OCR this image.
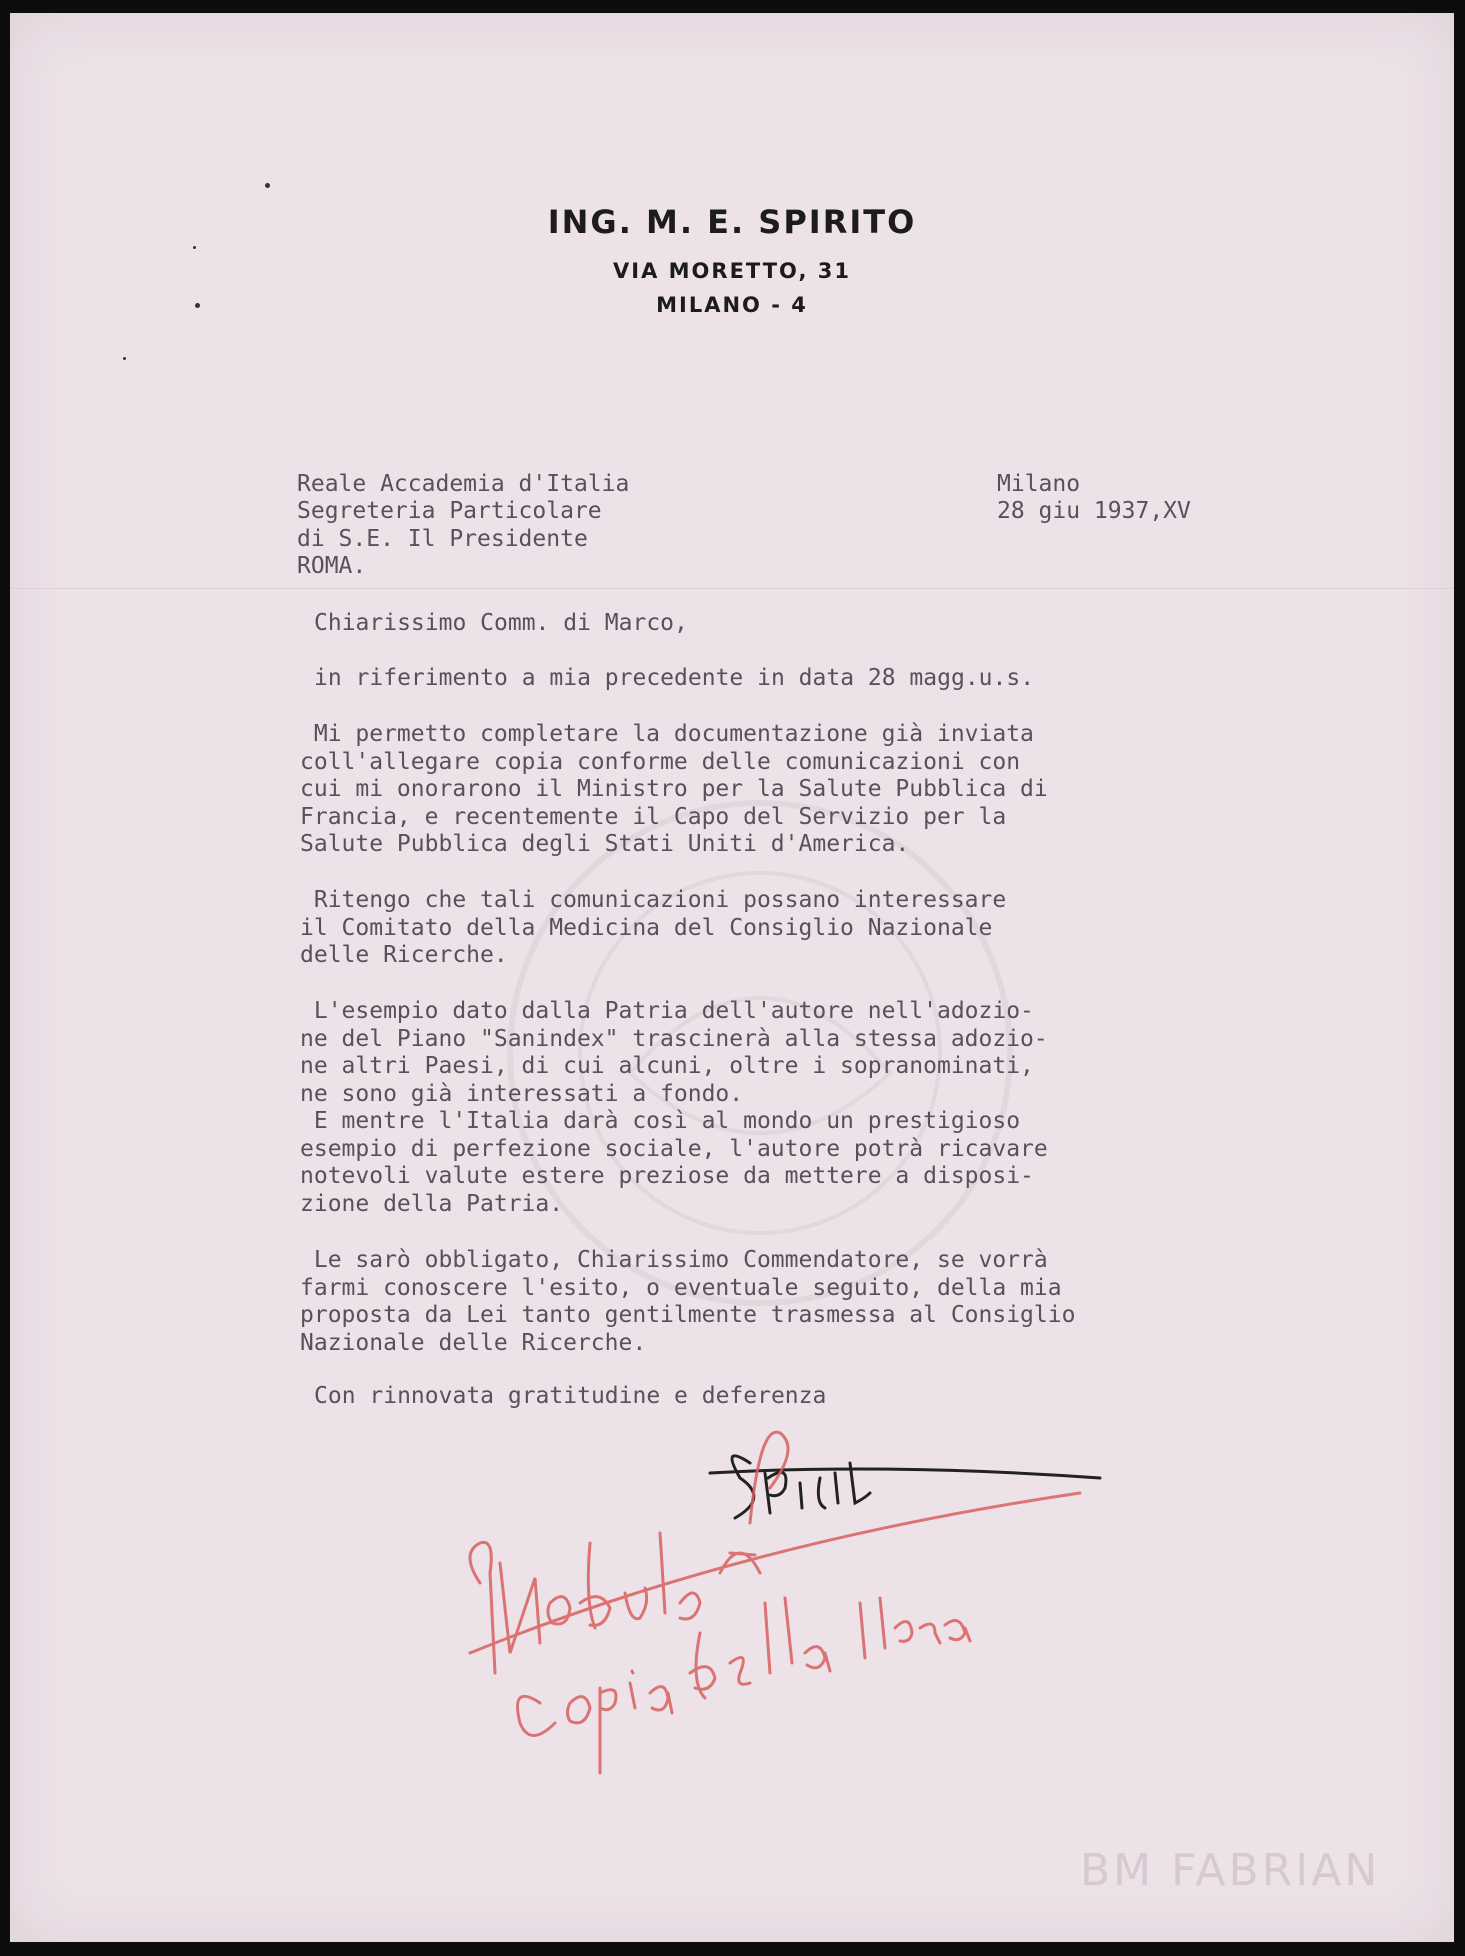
ING. M. E. SPIRITO
VIA MORETTO, 31
MILANO - 4

Reale Accademia d'Italia
Segreteria Particolare
di S.E. Il Presidente
ROMA.

Milano
28 giu 1937,XV
Chiarissimo Comm. di Marco,
in riferimento a mia precedente in data 28 magg.u.s.
Mi permetto completare la documentazione già inviata
coll'allegare copia conforme delle comunicazioni con
cui mi onorarono il Ministro per la Salute Pubblica di
Francia, e recentemente il Capo del Servizio per la
Salute Pubblica degli Stati Uniti d'America.
Ritengo che tali comunicazioni possano interessare
il Comitato della Medicina del Consiglio Nazionale
delle Ricerche.
L'esempio dato dalla Patria dell'autore nell'adozio-
ne del Piano "Sanindex" trascinerà alla stessa adozio-
ne altri Paesi, di cui alcuni, oltre i sopranominati,
ne sono già interessati a fondo.
E mentre l'Italia darà così al mondo un prestigioso
esempio di perfezione sociale, l'autore potrà ricavare
notevoli valute estere preziose da mettere a disposi-
zione della Patria.
Le sarò obbligato, Chiarissimo Commendatore, se vorrà
farmi conoscere l'esito, o eventuale seguito, della mia
proposta da Lei tanto gentilmente trasmessa al Consiglio
Nazionale delle Ricerche.
Con rinnovata gratitudine e deferenza
BM FABRIAN
